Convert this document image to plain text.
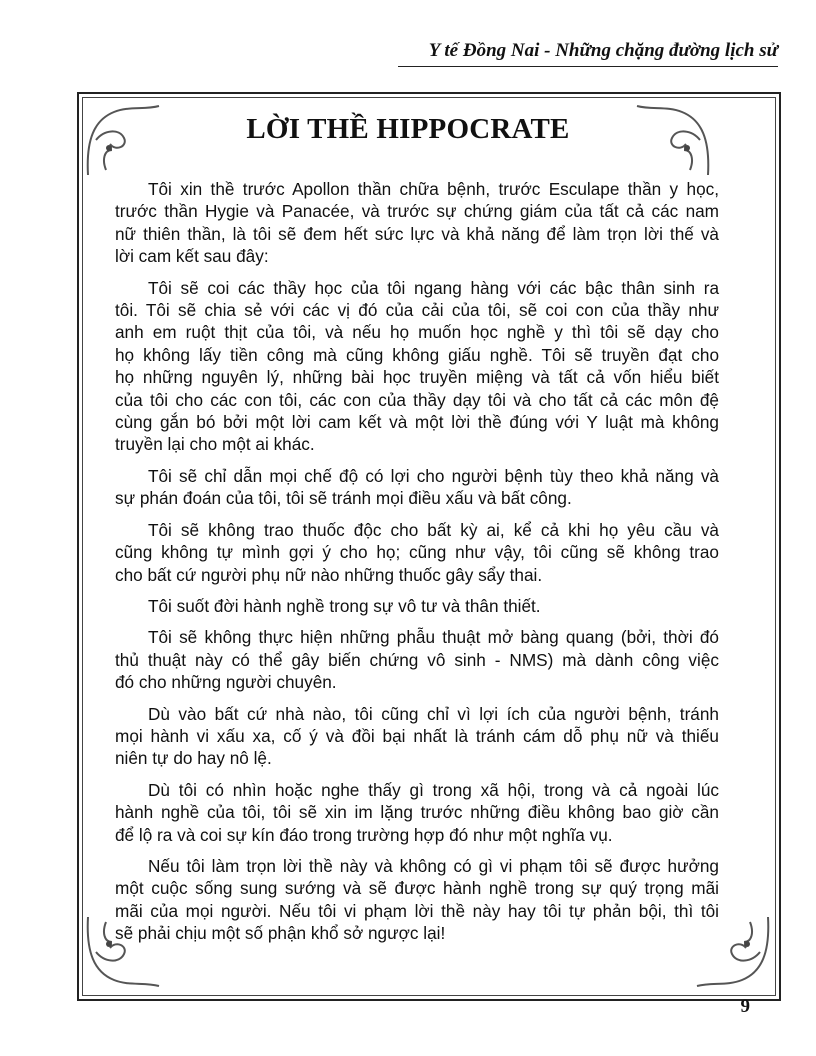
Y tế Đồng Nai - Những chặng đường lịch sử
LỜI THỀ HIPPOCRATE
Tôi xin thề trước Apollon thần chữa bệnh, trước Esculape thần y học,
trước thần Hygie và Panacée, và trước sự chứng giám của tất cả các nam
nữ thiên thần, là tôi sẽ đem hết sức lực và khả năng để làm trọn lời thế và
lời cam kết sau đây:
Tôi sẽ coi các thầy học của tôi ngang hàng với các bậc thân sinh ra
tôi. Tôi sẽ chia sẻ với các vị đó của cải của tôi, sẽ coi con của thầy như
anh em ruột thịt của tôi, và nếu họ muốn học nghề y thì tôi sẽ dạy cho
họ không lấy tiền công mà cũng không giấu nghề. Tôi sẽ truyền đạt cho
họ những nguyên lý, những bài học truyền miệng và tất cả vốn hiểu biết
của tôi cho các con tôi, các con của thầy dạy tôi và cho tất cả các môn đệ
cùng gắn bó bởi một lời cam kết và một lời thề đúng với Y luật mà không
truyền lại cho một ai khác.
Tôi sẽ chỉ dẫn mọi chế độ có lợi cho người bệnh tùy theo khả năng và
sự phán đoán của tôi, tôi sẽ tránh mọi điều xấu và bất công.
Tôi sẽ không trao thuốc độc cho bất kỳ ai, kể cả khi họ yêu cầu và
cũng không tự mình gợi ý cho họ; cũng như vậy, tôi cũng sẽ không trao
cho bất cứ người phụ nữ nào những thuốc gây sẩy thai.
Tôi suốt đời hành nghề trong sự vô tư và thân thiết.
Tôi sẽ không thực hiện những phẫu thuật mở bàng quang (bởi, thời đó
thủ thuật này có thể gây biến chứng vô sinh - NMS) mà dành công việc
đó cho những người chuyên.
Dù vào bất cứ nhà nào, tôi cũng chỉ vì lợi ích của người bệnh, tránh
mọi hành vi xấu xa, cố ý và đồi bại nhất là tránh cám dỗ phụ nữ và thiếu
niên tự do hay nô lệ.
Dù tôi có nhìn hoặc nghe thấy gì trong xã hội, trong và cả ngoài lúc
hành nghề của tôi, tôi sẽ xin im lặng trước những điều không bao giờ cần
để lộ ra và coi sự kín đáo trong trường hợp đó như một nghĩa vụ.
Nếu tôi làm trọn lời thề này và không có gì vi phạm tôi sẽ được hưởng
một cuộc sống sung sướng và sẽ được hành nghề trong sự quý trọng mãi
mãi của mọi người. Nếu tôi vi phạm lời thề này hay tôi tự phản bội, thì tôi
sẽ phải chịu một số phận khổ sở ngược lại!
9
